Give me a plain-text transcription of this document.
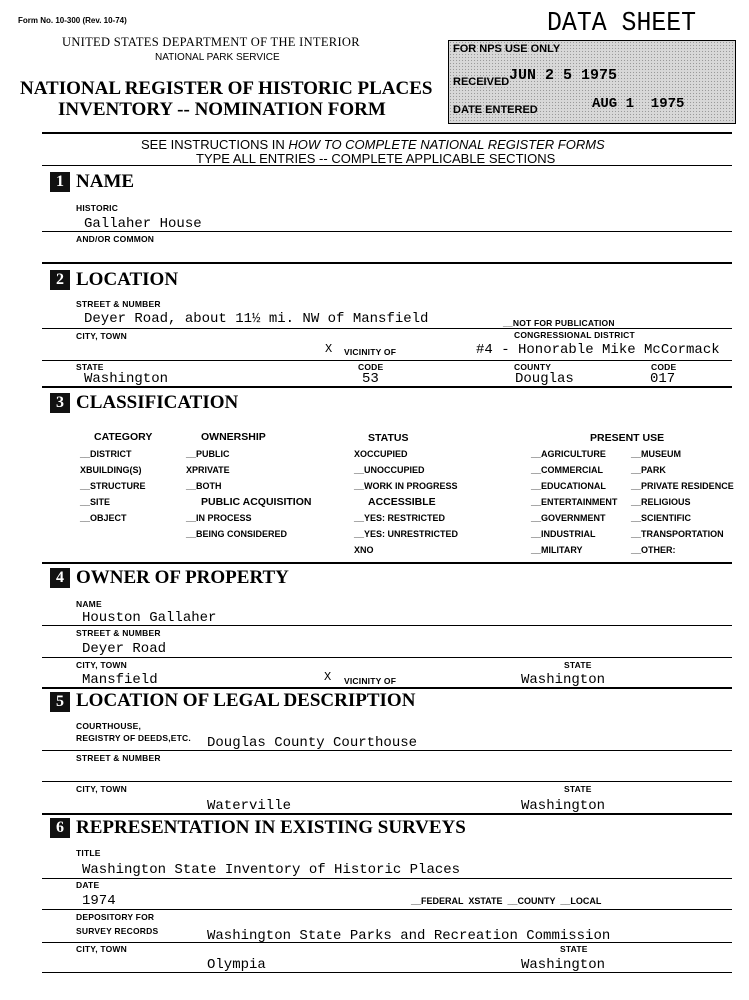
Form No. 10-300 (Rev. 10-74)
UNITED STATES DEPARTMENT OF THE INTERIOR
NATIONAL PARK SERVICE
NATIONAL REGISTER OF HISTORIC PLACES
INVENTORY -- NOMINATION FORM
DATA SHEET
FOR NPS USE ONLY
RECEIVED JUN 2 5 1975
DATE ENTERED	AUG 1  1975
SEE INSTRUCTIONS IN HOW TO COMPLETE NATIONAL REGISTER FORMS
TYPE ALL ENTRIES -- COMPLETE APPLICABLE SECTIONS
1 NAME
HISTORIC
Gallaher House
AND/OR COMMON
2 LOCATION
STREET & NUMBER
Deyer Road, about 11½ mi. NW of Mansfield	__NOT FOR PUBLICATION
CITY, TOWN	CONGRESSIONAL DISTRICT
X VICINITY OF	#4 - Honorable Mike McCormack
STATE	CODE	COUNTY	CODE
Washington	53	Douglas	017
3 CLASSIFICATION
CATEGORY
__DISTRICT
XBUILDING(S)
__STRUCTURE
__SITE
__OBJECT
OWNERSHIP
__PUBLIC
XPRIVATE
__BOTH
PUBLIC ACQUISITION
__IN PROCESS
__BEING CONSIDERED
STATUS
XOCCUPIED
__UNOCCUPIED
__WORK IN PROGRESS
ACCESSIBLE
__YES: RESTRICTED
__YES: UNRESTRICTED
XNO
PRESENT USE
__AGRICULTURE
__COMMERCIAL
__EDUCATIONAL
__ENTERTAINMENT
__GOVERNMENT
__INDUSTRIAL
__MILITARY
__MUSEUM
__PARK
__PRIVATE RESIDENCE
__RELIGIOUS
__SCIENTIFIC
__TRANSPORTATION
__OTHER:
4 OWNER OF PROPERTY
NAME
Houston Gallaher
STREET & NUMBER
Deyer Road
CITY, TOWN	STATE
Mansfield	X VICINITY OF	Washington
5 LOCATION OF LEGAL DESCRIPTION
COURTHOUSE,
REGISTRY OF DEEDS,ETC. Douglas County Courthouse
STREET & NUMBER
CITY, TOWN	STATE
Waterville	Washington
6 REPRESENTATION IN EXISTING SURVEYS
TITLE
Washington State Inventory of Historic Places
DATE
1974	__FEDERAL  XSTATE  __COUNTY  __LOCAL
DEPOSITORY FOR
SURVEY RECORDS	Washington State Parks and Recreation Commission
CITY, TOWN	STATE
Olympia	Washington
